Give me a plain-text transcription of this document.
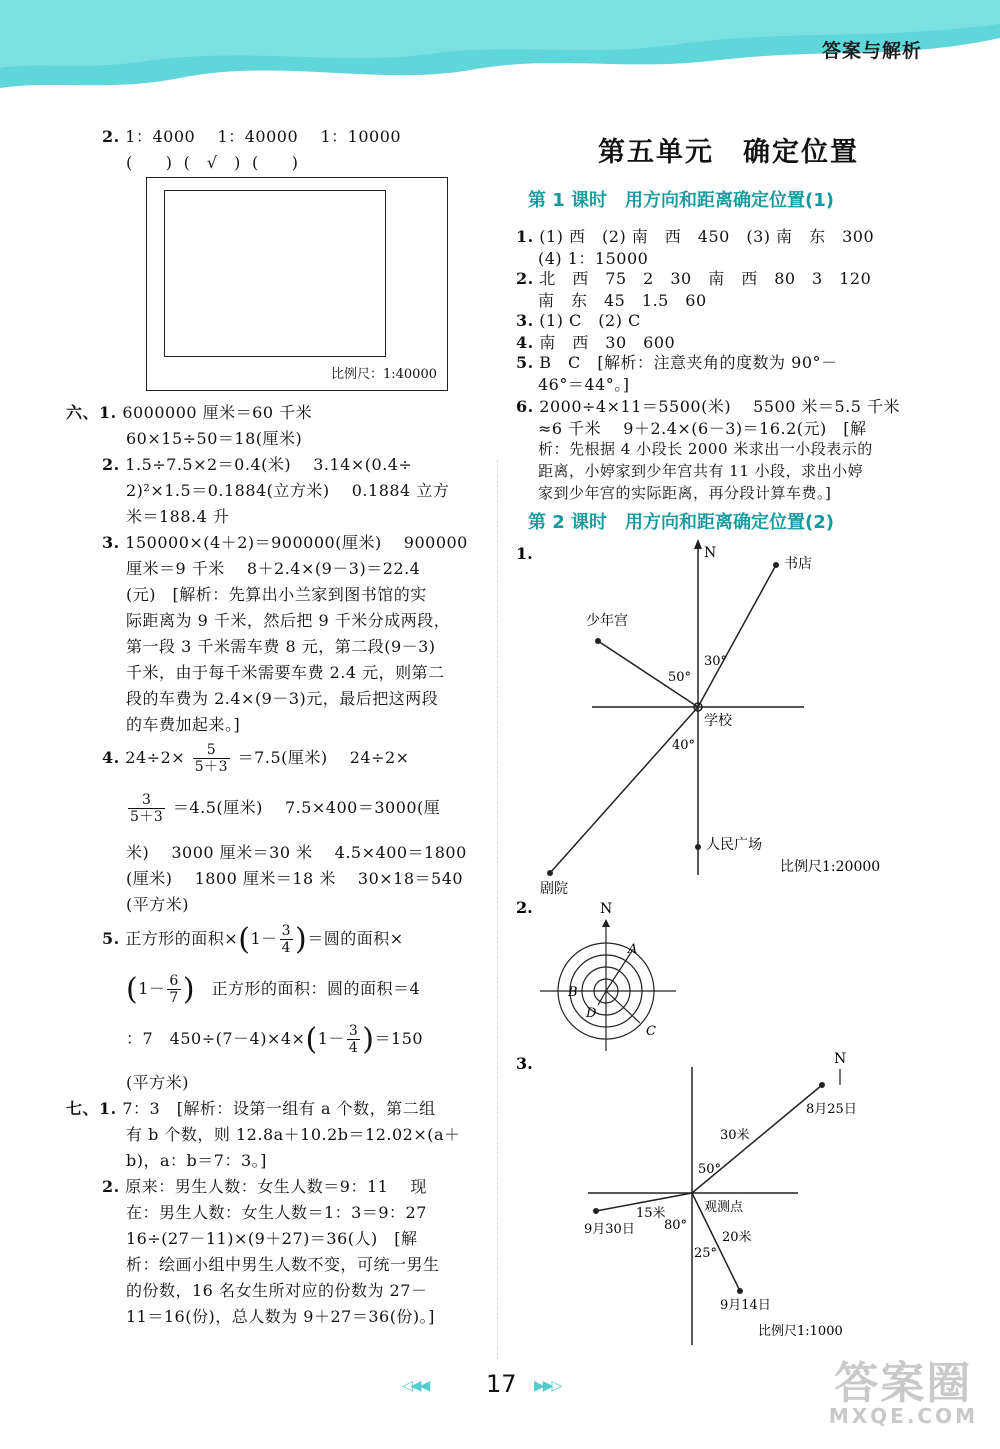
答案与解析
2. 1：4000 1：40000 1：10000
(　　) (　√　) (　　)
比例尺：1:40000
六、1. 6000000 厘米＝60 千米
60×15÷50＝18(厘米)
2. 1.5÷7.5×2＝0.4(米)　 3.14×(0.4÷
2)²×1.5＝0.1884(立方米)　 0.1884 立方
米＝188.4 升
3. 150000×(4＋2)＝900000(厘米)　 900000
厘米＝9 千米　 8＋2.4×(9－3)＝22.4
(元)　[解析：先算出小兰家到图书馆的实
际距离为 9 千米，然后把 9 千米分成两段，
第一段 3 千米需车费 8 元，第二段(9－3)
千米，由于每千米需要车费 2.4 元，则第二
段的车费为 2.4×(9－3)元，最后把这两段
的车费加起来。]
4. $24\div 2\times \frac{5}{5+3} =7.5$(厘米)　 24÷2×
$\frac{3}{5+3} =4.5$(厘米)　 7.5×400＝3000(厘
米)　 3000 厘米＝30 米　 4.5×400＝1800
(厘米)　 1800 厘米＝18 米　 30×18＝540
(平方米)
5. 正方形的面积$\times(1- \frac{3}{4}$ )＝圆的面积×
($1- \frac{6}{7}$ )　正方形的面积：圆的面积＝4
：7　$450\div(7-4)\times 4\times(1- \frac{3}{4} )=150$
(平方米)
七、1. 7：3　[解析：设第一组有 a 个数，第二组
有 b 个数，则 12.8a＋10.2b＝12.02×(a＋
b)，a：b＝7：3。]
2. 原来：男生人数：女生人数＝9：11　 现
在：男生人数：女生人数＝1：3＝9：27
16÷(27－11)×(9＋27)＝36(人)　[解
析：绘画小组中男生人数不变，可统一男生
的份数，16 名女生所对应的份数为 27－
11＝16(份)，总人数为 9＋27＝36(份)。]
第五单元　确定位置
第 1 课时　用方向和距离确定位置(1)
1. (1) 西　(2) 南　西　450　(3) 南　东　300
(4) 1：15000
2. 北　西　75　2　30　南　西　80　3　120
南　东　45　1.5　60
3. (1) C　(2) C
4. 南　西　30　600
5. B　C　[解析：注意夹角的度数为 90°－
46°＝44°。]
6. 2000÷4×11＝5500(米)　 5500 米＝5.5 千米
≈6 千米　 9＋2.4×(6－3)＝16.2(元)　[解
析：先根据 4 小段长 2000 米求出一小段表示的
距离，小婷家到少年宫共有 11 小段，求出小婷
家到少年宫的实际距离，再分段计算车费。]
第 2 课时　用方向和距离确定位置(2)
1.	N
书店
少年宫
剧院
人民广场
学校
30°
50°
40°
比例尺1:20000
2.	N
A
B
C
D
3.	N
8月25日
30米
50°
9月30日
15米
80°
观测点
9月14日
20米
25°
比例尺1:1000
◁◀◀ 17 ▶▶▷	答案圈
MXQE.COM
